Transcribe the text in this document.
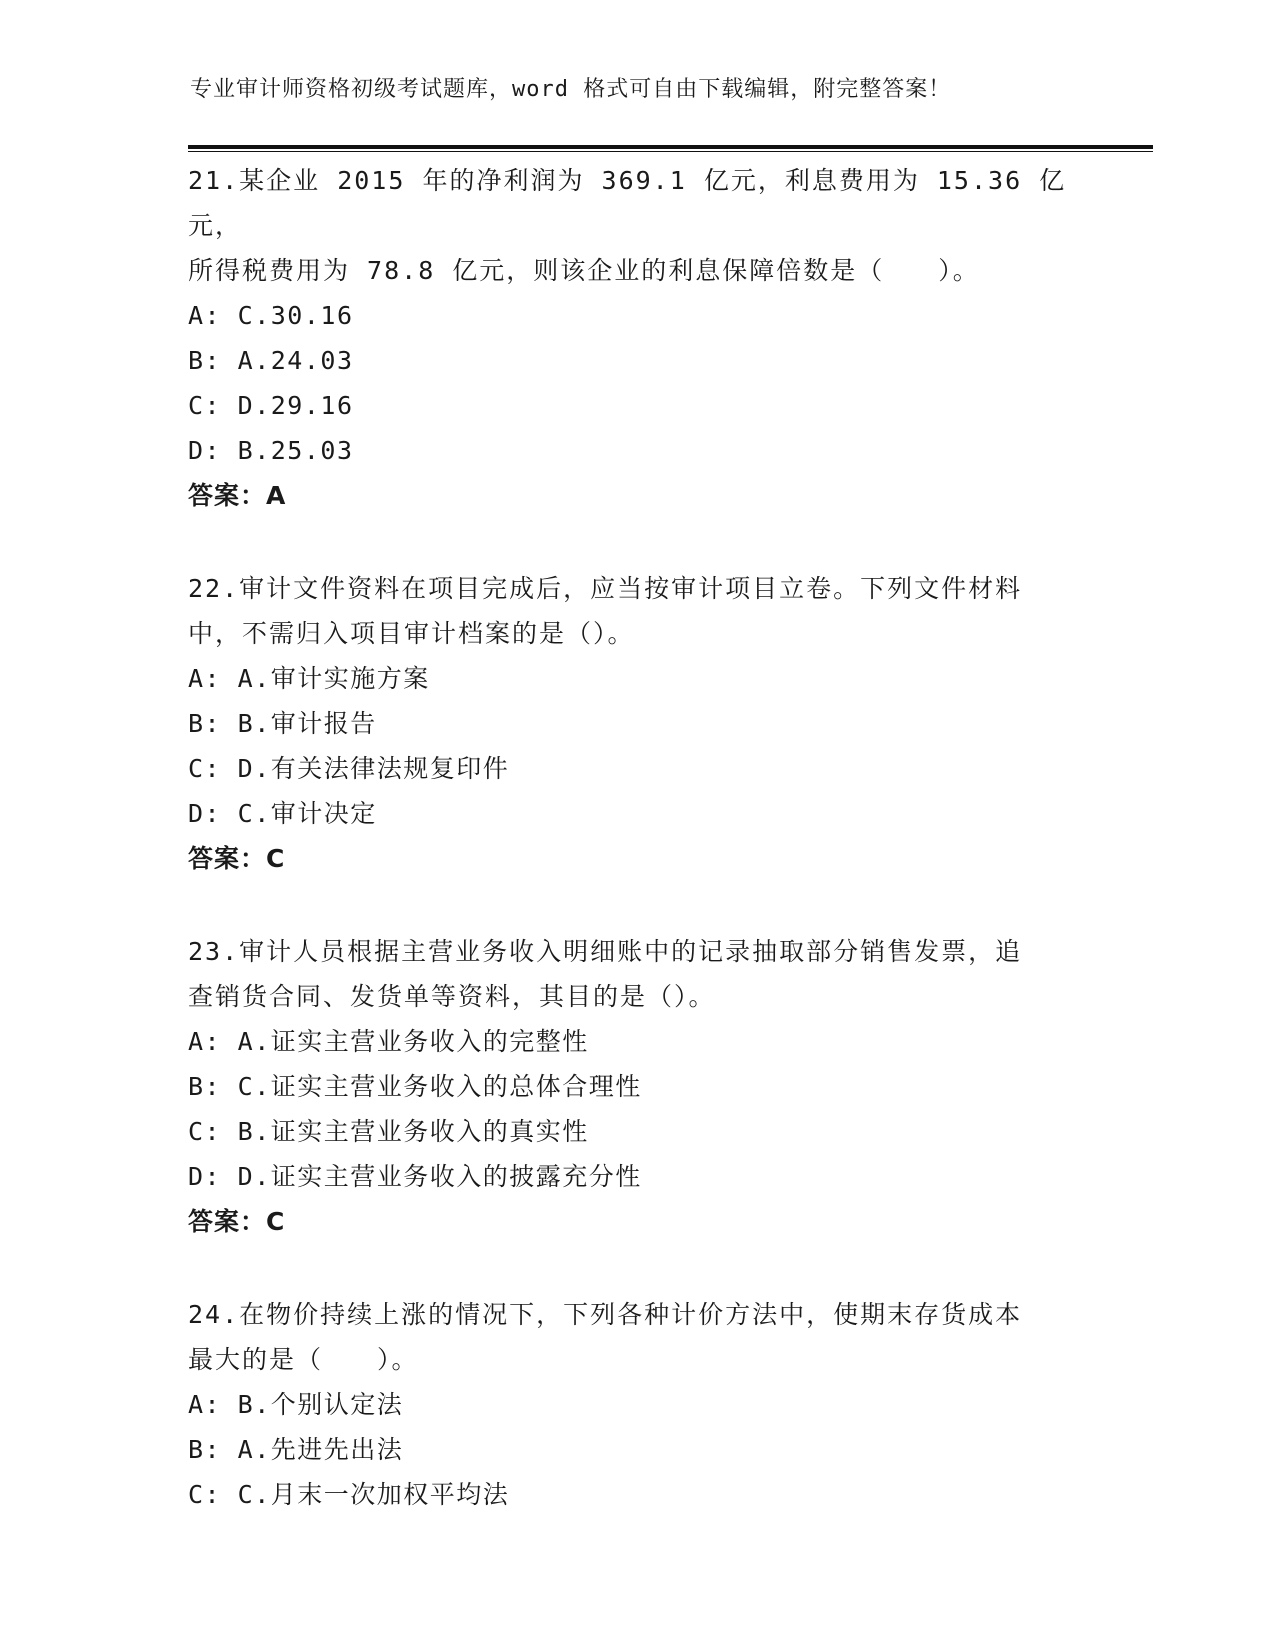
专业审计师资格初级考试题库，word 格式可自由下载编辑，附完整答案！

21.某企业 2015 年的净利润为 369.1 亿元，利息费用为 15.36 亿元，
所得税费用为 78.8 亿元，则该企业的利息保障倍数是（　　）。

A: C.30.16

B: A.24.03

C: D.29.16

D: B.25.03

答案：A

22.审计文件资料在项目完成后，应当按审计项目立卷。下列文件材料
中，不需归入项目审计档案的是（）。

A: A.审计实施方案

B: B.审计报告

C: D.有关法律法规复印件

D: C.审计决定

答案：C

23.审计人员根据主营业务收入明细账中的记录抽取部分销售发票，追
查销货合同、发货单等资料，其目的是（）。

A: A.证实主营业务收入的完整性

B: C.证实主营业务收入的总体合理性

C: B.证实主营业务收入的真实性

D: D.证实主营业务收入的披露充分性

答案：C

24.在物价持续上涨的情况下，下列各种计价方法中，使期末存货成本
最大的是（　　）。

A: B.个别认定法

B: A.先进先出法

C: C.月末一次加权平均法
